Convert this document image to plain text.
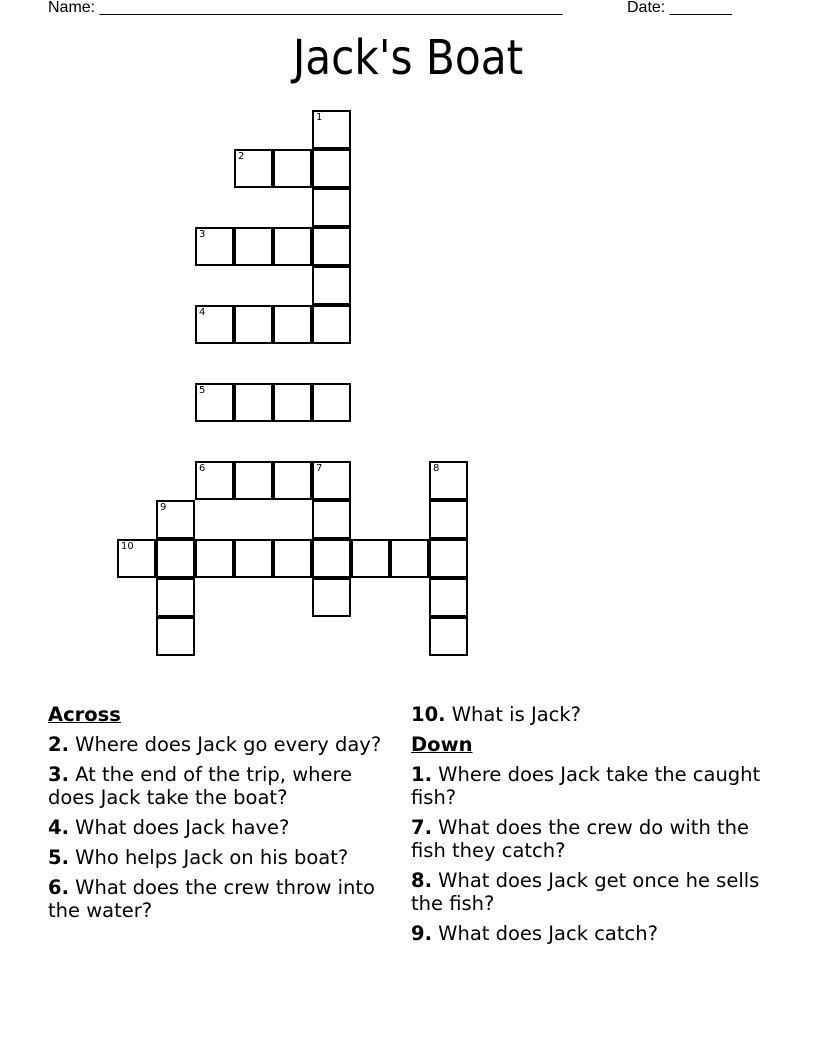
Name: ____________________________________________________	Date: _______
Jack's Boat
1
2
3
4
5
6	7	8
9
10
Across
2. Where does Jack go every day?
3. At the end of the trip, where does Jack take the boat?
4. What does Jack have?
5. Who helps Jack on his boat?
6. What does the crew throw into the water?
10. What is Jack?
Down
1. Where does Jack take the caught fish?
7. What does the crew do with the fish they catch?
8. What does Jack get once he sells the fish?
9. What does Jack catch?
